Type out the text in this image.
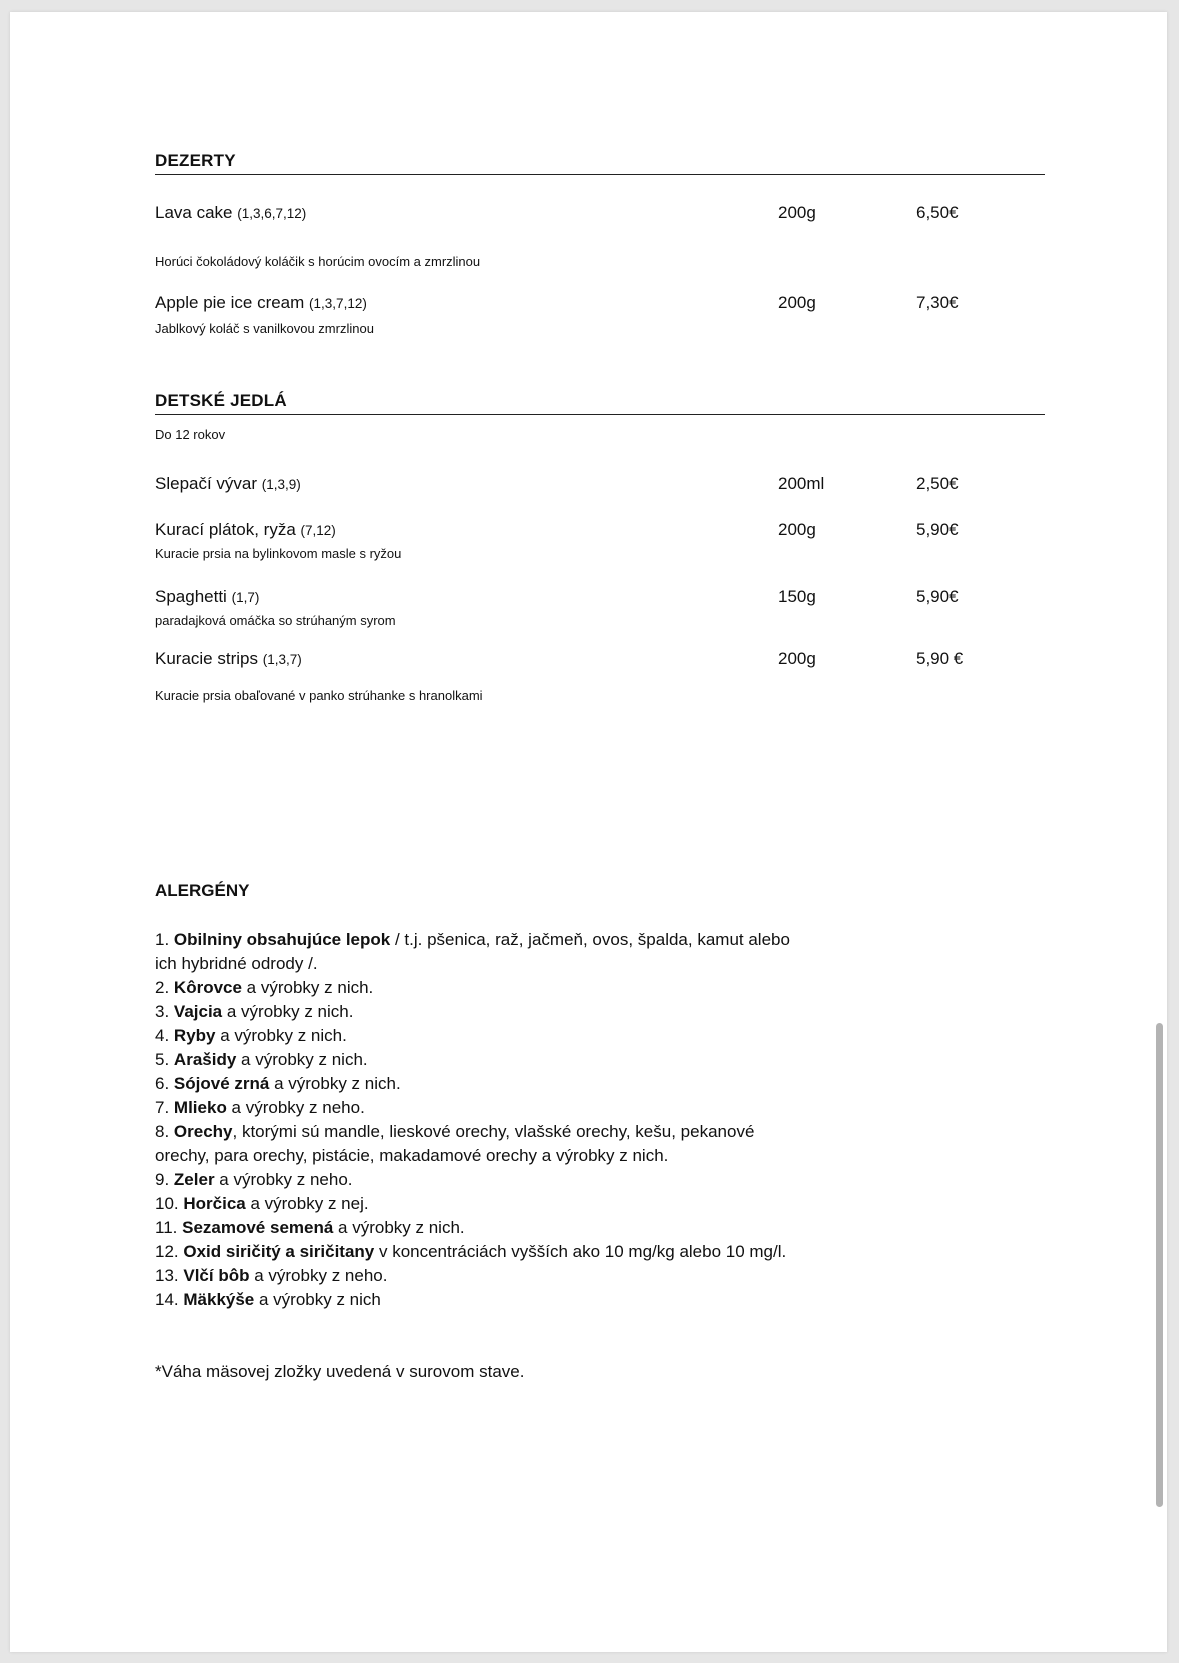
DEZERTY
Lava cake (1,3,6,7,12)	200g	6,50€
Horúci čokoládový koláčik s horúcim ovocím a zmrzlinou
Apple pie ice cream (1,3,7,12)	200g	7,30€
Jablkový koláč s vanilkovou zmrzlinou
DETSKÉ JEDLÁ
Do 12 rokov
Slepačí vývar (1,3,9)	200ml	2,50€
Kurací plátok, ryža (7,12)	200g	5,90€
Kuracie prsia na bylinkovom masle s ryžou
Spaghetti (1,7)	150g	5,90€
paradajková omáčka so strúhaným syrom
Kuracie strips (1,3,7)	200g	5,90 €
Kuracie prsia obaľované v panko strúhanke s hranolkami
ALERGÉNY
1. Obilniny obsahujúce lepok / t.j. pšenica, raž, jačmeň, ovos, špalda, kamut alebo ich hybridné odrody /.
2. Kôrovce a výrobky z nich.
3. Vajcia a výrobky z nich.
4. Ryby a výrobky z nich.
5. Arašidy a výrobky z nich.
6. Sójové zrná a výrobky z nich.
7. Mlieko a výrobky z neho.
8. Orechy, ktorými sú mandle, lieskové orechy, vlašské orechy, kešu, pekanové orechy, para orechy, pistácie, makadamové orechy a výrobky z nich.
9. Zeler a výrobky z neho.
10. Horčica a výrobky z nej.
11. Sezamové semená a výrobky z nich.
12. Oxid siričitý a siričitany v koncentráciách vyšších ako 10 mg/kg alebo 10 mg/l.
13. Vlčí bôb a výrobky z neho.
14. Mäkkýše a výrobky z nich
*Váha mäsovej zložky uvedená v surovom stave.
